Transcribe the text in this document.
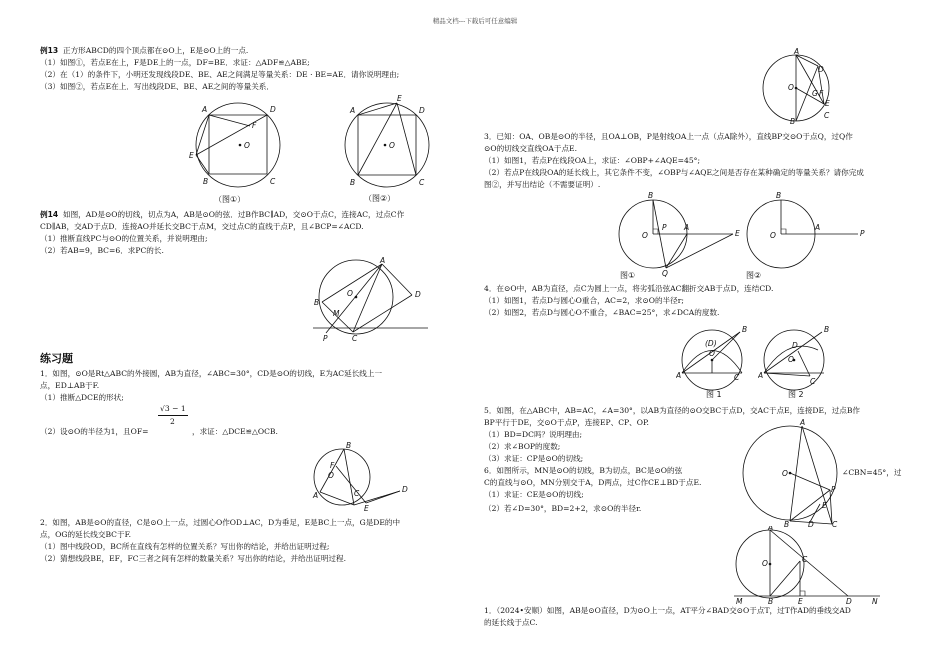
精品文档---下载后可任意编辑
例13 正方形ABCD的四个顶点都在⊙O上，E是⊙O上的一点.
（1）如图①，若点E在上，F是DE上的一点，DF=BE．求证：△ADF≌△ABE;
（2）在（1）的条件下，小明还发现线段DE、BE、AE之间满足等量关系：DE · BE=AE．请你说明理由;
（3）如图②，若点E在上．写出线段DE、BE、AE之间的等量关系．
A	D
E
F
O
B	C
（图①）
E
A	D
O
B	C
（图②）
例14 如图，AD是⊙O的切线，切点为A，AB是⊙O的弦．过B作BC∥AD，交⊙O于点C，连接AC，过点C作
CD∥AB，交AD于点D．连接AO并延长交BC于点M，交过点C的直线于点P，且∠BCP=∠ACD.
（1）推断直线PC与⊙O的位置关系，并说明理由;
（2）若AB=9，BC=6．求PC的长.
A
D
O
B
M
P	C
练习题
1．如图，⊙O是Rt△ABC的外接圆，AB为直径，∠ABC=30°，CD是⊙O的切线，E为AC延长线上一
点，ED⊥AB于F.
（1）推断△DCE的形状;
√3 − 1
2
（2）设⊙O的半径为1，且OF=	，求证：△DCE≌△OCB.
B
F
O
A	C	D
E
2．如图，AB是⊙O的直径，C是⊙O上一点，过圆心O作OD⊥AC，D为垂足，E是BC上一点，G是DE的中
点，OG的延长线交BC于F.
（1）图中线段OD，BC所在直线有怎样的位置关系？写出你的结论，并给出证明过程;
（2）猜想线段BE，EF，FC三者之间有怎样的数量关系？写出你的结论，并给出证明过程.
A
D
O
G F
E
B
C
3．已知：OA、OB是⊙O的半径，且OA⊥OB，P是射线OA上一点（点A除外），直线BP交⊙O于点Q，过Q作
⊙O的切线交直线OA于点E.
（1）如图1，若点P在线段OA上，求证：∠OBP+∠AQE=45°;
（2）若点P在线段OA的延长线上，其它条件不变，∠OBP与∠AQE之间是否存在某种确定的等量关系？请你完成
图②，并写出结论（不需要证明）.
B
O
P A
E
Q
图①
B
O
A
P
图②
4．在⊙O中，AB为直径，点C为圆上一点，将劣弧沿弦AC翻折交AB于点D，连结CD.
（1）如图1，若点D与圆心O重合，AC=2，求⊙O的半径r;
（2）如图2，若点D与圆心O不重合，∠BAC=25°，求∠DCA的度数.
(D)
O
B
A	C
图 1
D
O
B
A
C
图 2
5．如图，在△ABC中，AB=AC，∠A=30°，以AB为直径的⊙O交BC于点D，交AC于点E，连接DE，过点B作
BP平行于DE，交⊙O于点P，连接EP、CP、OP.
（1）BD=DC吗？说明理由;
（2）求∠BOP的度数;
（3）求证：CP是⊙O的切线;
6．如图所示，MN是⊙O的切线，B为切点，BC是⊙O的弦	∠CBN=45°，过
C的直线与⊙O，MN分别交于A，D两点，过C作CE⊥BD于点E.
（1）求证：CE是⊙O的切线;
（2）若∠D=30°，BD=2+2，求⊙O的半径r.
A
O
P
E
B	D C
A
O	C
M	B	E	D	N
1．（2024•安顺）如图，AB是⊙O直径，D为⊙O上一点，AT平分∠BAD交⊙O于点T，过T作AD的垂线交AD
的延长线于点C.
